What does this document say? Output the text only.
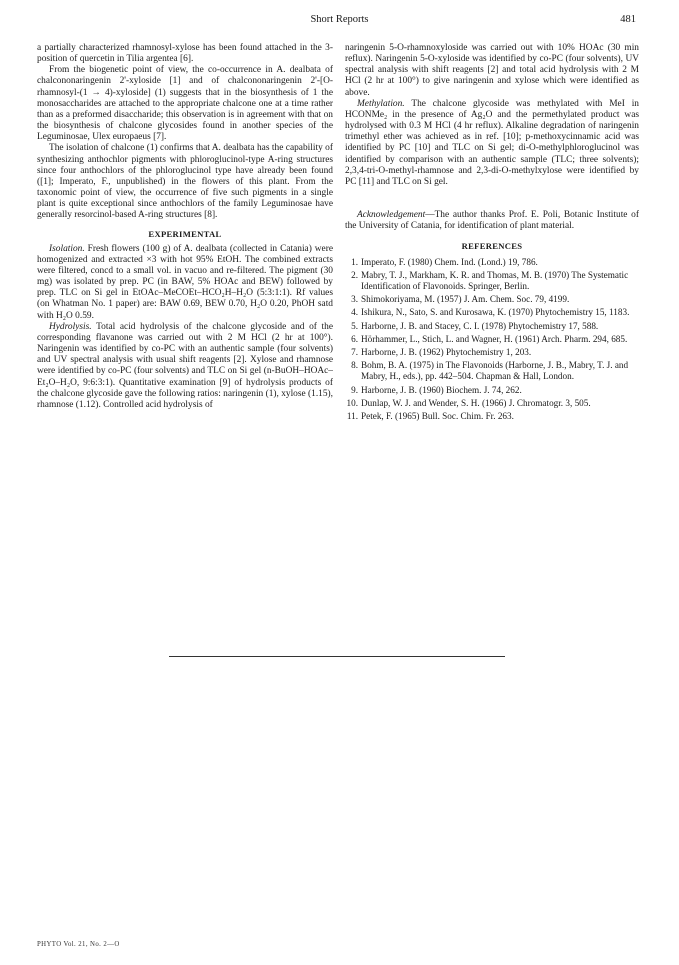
Short Reports	481

a partially characterized rhamnosyl-xylose has been found attached in the 3-position of quercetin in Tilia argentea [6].

From the biogenetic point of view, the co-occurrence in A. dealbata of chalcononaringenin 2'-xyloside [1] and of chalcononaringenin 2'-[O-rhamnosyl-(1 → 4)-xyloside] (1) suggests that in the biosynthesis of 1 the monosaccharides are attached to the appropriate chalcone one at a time rather than as a preformed disaccharide; this observation is in agreement with that on the biosynthesis of chalcone glycosides found in another species of the Leguminosae, Ulex europaeus [7].

The isolation of chalcone (1) confirms that A. dealbata has the capability of synthesizing anthochlor pigments with phloroglucinol-type A-ring structures since four anthochlors of the phloroglucinol type have already been found ([1]; Imperato, F., unpublished) in the flowers of this plant. From the taxonomic point of view, the occurrence of five such pigments in a single plant is quite exceptional since anthochlors of the family Leguminosae have generally resorcinol-based A-ring structures [8].

EXPERIMENTAL

Isolation. Fresh flowers (100 g) of A. dealbata (collected in Catania) were homogenized and extracted ×3 with hot 95% EtOH. The combined extracts were filtered, concd to a small vol. in vacuo and re-filtered. The pigment (30 mg) was isolated by prep. PC (in BAW, 5% HOAc and BEW) followed by prep. TLC on Si gel in EtOAc–MeCOEt–HCO₂H–H₂O (5:3:1:1). Rf values (on Whatman No. 1 paper) are: BAW 0.69, BEW 0.70, H₂O 0.20, PhOH satd with H₂O 0.59.

Hydrolysis. Total acid hydrolysis of the chalcone glycoside and of the corresponding flavanone was carried out with 2 M HCl (2 hr at 100°). Naringenin was identified by co-PC with an authentic sample (four solvents) and UV spectral analysis with usual shift reagents [2]. Xylose and rhamnose were identified by co-PC (four solvents) and TLC on Si gel (n-BuOH–HOAc–Et₂O–H₂O, 9:6:3:1). Quantitative examination [9] of hydrolysis products of the chalcone glycoside gave the following ratios: naringenin (1), xylose (1.15), rhamnose (1.12). Controlled acid hydrolysis of

naringenin 5-O-rhamnoxyloside was carried out with 10% HOAc (30 min reflux). Naringenin 5-O-xyloside was identified by co-PC (four solvents), UV spectral analysis with shift reagents [2] and total acid hydrolysis with 2 M HCl (2 hr at 100°) to give naringenin and xylose which were identified as above.

Methylation. The chalcone glycoside was methylated with MeI in HCONMe₂ in the presence of Ag₂O and the permethylated product was hydrolysed with 0.3 M HCl (4 hr reflux). Alkaline degradation of naringenin trimethyl ether was achieved as in ref. [10]; p-methoxycinnamic acid was identified by PC [10] and TLC on Si gel; di-O-methylphloroglucinol was identified by comparison with an authentic sample (TLC; three solvents); 2,3,4-tri-O-methyl-rhamnose and 2,3-di-O-methylxylose were identified by PC [11] and TLC on Si gel.

Acknowledgement—The author thanks Prof. E. Poli, Botanic Institute of the University of Catania, for identification of plant material.

REFERENCES
1. Imperato, F. (1980) Chem. Ind. (Lond.) 19, 786.
2. Mabry, T. J., Markham, K. R. and Thomas, M. B. (1970) The Systematic Identification of Flavonoids. Springer, Berlin.
3. Shimokoriyama, M. (1957) J. Am. Chem. Soc. 79, 4199.
4. Ishikura, N., Sato, S. and Kurosawa, K. (1970) Phytochemistry 15, 1183.
5. Harborne, J. B. and Stacey, C. I. (1978) Phytochemistry 17, 588.
6. Hörhammer, L., Stich, L. and Wagner, H. (1961) Arch. Pharm. 294, 685.
7. Harborne, J. B. (1962) Phytochemistry 1, 203.
8. Bohm, B. A. (1975) in The Flavonoids (Harborne, J. B., Mabry, T. J. and Mabry, H., eds.), pp. 442–504. Chapman & Hall, London.
9. Harborne, J. B. (1960) Biochem. J. 74, 262.
10. Dunlap, W. J. and Wender, S. H. (1966) J. Chromatogr. 3, 505.
11. Petek, F. (1965) Bull. Soc. Chim. Fr. 263.
PHYTO Vol. 21, No. 2—O
